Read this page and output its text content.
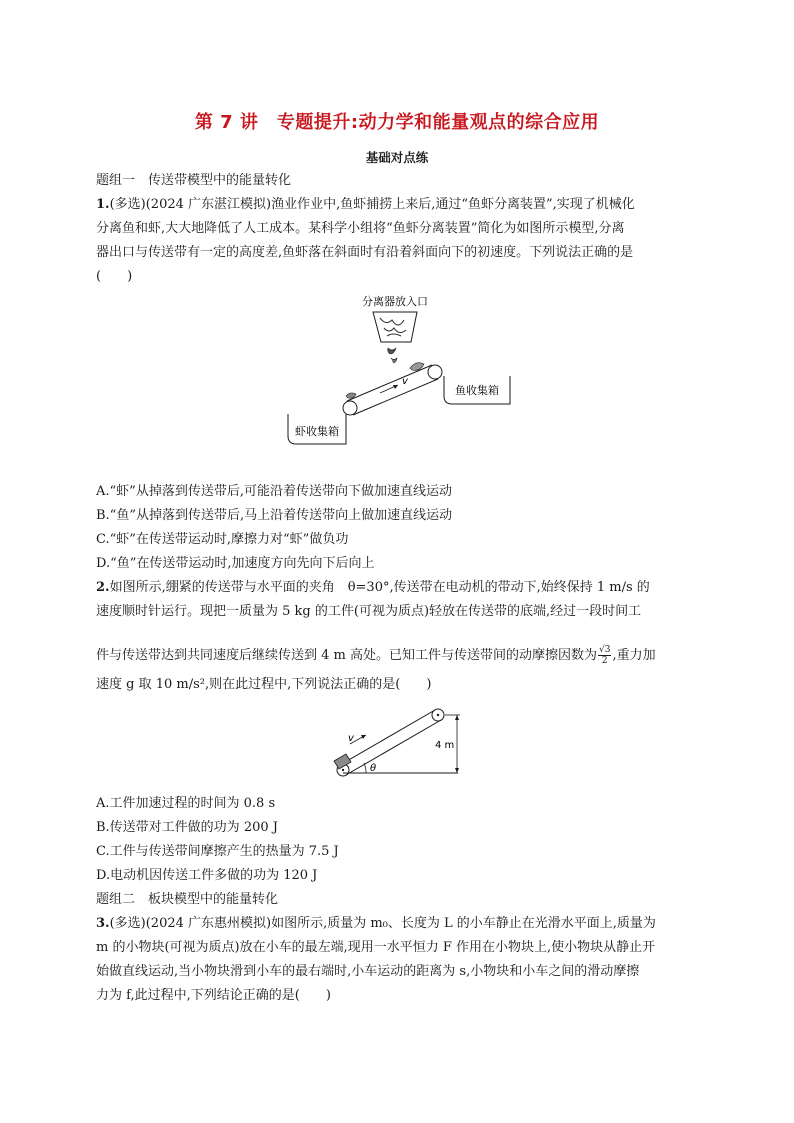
第 7 讲　专题提升:动力学和能量观点的综合应用
基础对点练
题组一　传送带模型中的能量转化
1.(多选)(2024 广东湛江模拟)渔业作业中,鱼虾捕捞上来后,通过“鱼虾分离装置”,实现了机械化
分离鱼和虾,大大地降低了人工成本。某科学小组将“鱼虾分离装置”简化为如图所示模型,分离
器出口与传送带有一定的高度差,鱼虾落在斜面时有沿着斜面向下的初速度。下列说法正确的是
(　　)
分离器放入口
v
鱼收集箱
虾收集箱
A.“虾”从掉落到传送带后,可能沿着传送带向下做加速直线运动
B.“鱼”从掉落到传送带后,马上沿着传送带向上做加速直线运动
C.“虾”在传送带运动时,摩擦力对“虾”做负功
D.“鱼”在传送带运动时,加速度方向先向下后向上
2.如图所示,绷紧的传送带与水平面的夹角　θ=30°,传送带在电动机的带动下,始终保持 1 m/s 的
速度顺时针运行。现把一质量为 5 kg 的工件(可视为质点)轻放在传送带的底端,经过一段时间工
件与传送带达到共同速度后继续传送到 4 m 高处。已知工件与传送带间的动摩擦因数为 $\frac{√3}{2}$ ,重力加
速度 g 取 10 m/s²,则在此过程中,下列说法正确的是(　　)
v
θ
4 m
A.工件加速过程的时间为 0.8 s
B.传送带对工件做的功为 200 J
C.工件与传送带间摩擦产生的热量为 7.5 J
D.电动机因传送工件多做的功为 120 J
题组二　板块模型中的能量转化
3.(多选)(2024 广东惠州模拟)如图所示,质量为 m₀、长度为 L 的小车静止在光滑水平面上,质量为
m 的小物块(可视为质点)放在小车的最左端,现用一水平恒力 F 作用在小物块上,使小物块从静止开
始做直线运动,当小物块滑到小车的最右端时,小车运动的距离为 s,小物块和小车之间的滑动摩擦
力为 f,此过程中,下列结论正确的是(　　)
